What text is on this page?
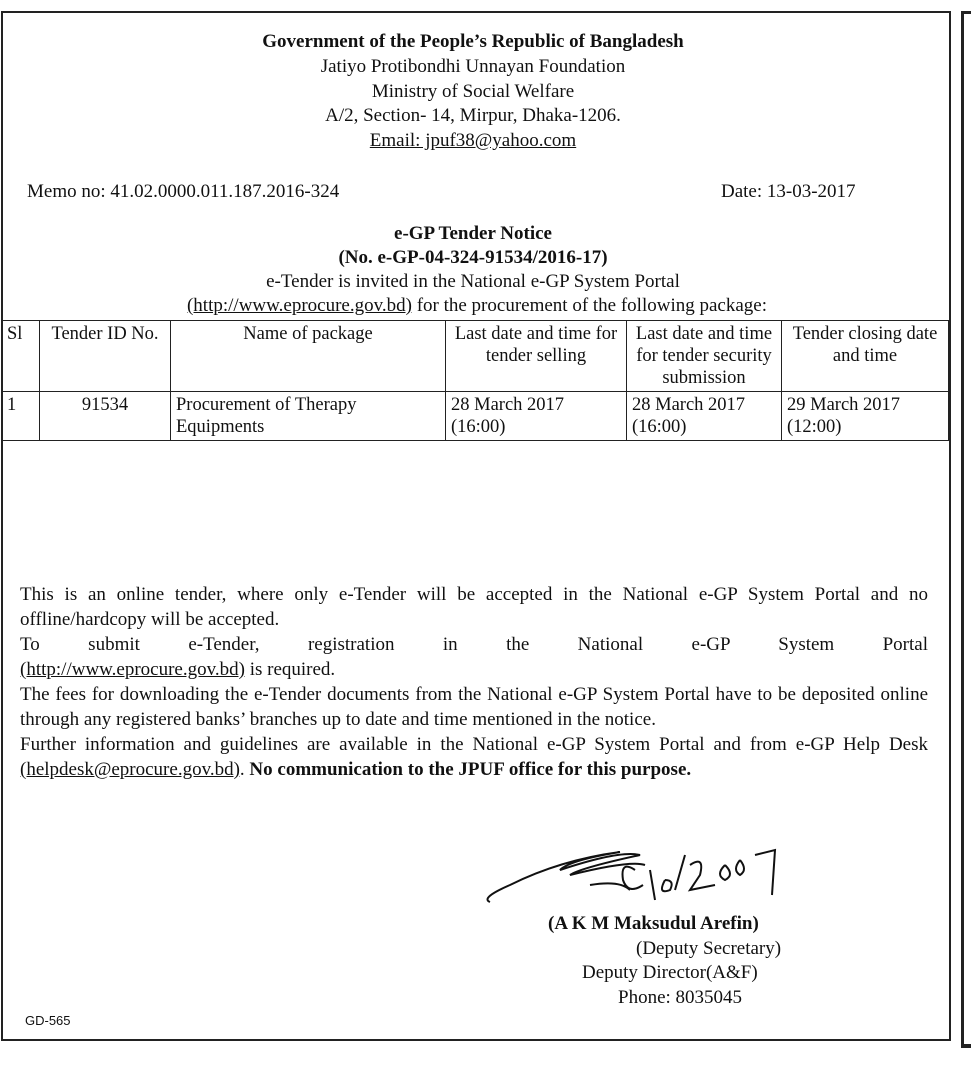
Government of the People’s Republic of Bangladesh
Jatiyo Protibondhi Unnayan Foundation
Ministry of Social Welfare
A/2, Section- 14, Mirpur, Dhaka-1206.
Email: jpuf38@yahoo.com
Memo no: 41.02.0000.011.187.2016-324	Date: 13-03-2017
e-GP Tender Notice
(No. e-GP-04-324-91534/2016-17)
e-Tender is invited in the National e-GP System Portal
(http://www.eprocure.gov.bd) for the procurement of the following package:
Sl	Tender ID No.	Name of package	Last date and time for tender selling	Last date and time for tender security submission	Tender closing date and time
1	91534	Procurement of Therapy Equipments	28 March 2017 (16:00)	28 March 2017 (16:00)	29 March 2017 (12:00)

This is an online tender, where only e-Tender will be accepted in the National e-GP System Portal and no offline/hardcopy will be accepted.

To submit e-Tender, registration in the National e-GP System Portal
(http://www.eprocure.gov.bd) is required.

The fees for downloading the e-Tender documents from the National e-GP System Portal have to be deposited online through any registered banks’ branches up to date and time mentioned in the notice.

Further information and guidelines are available in the National e-GP System Portal and from e-GP Help Desk (helpdesk@eprocure.gov.bd). No communication to the JPUF office for this purpose.

(A K M Maksudul Arefin)
(Deputy Secretary)
Deputy Director(A&F)
Phone: 8035045
GD-565
